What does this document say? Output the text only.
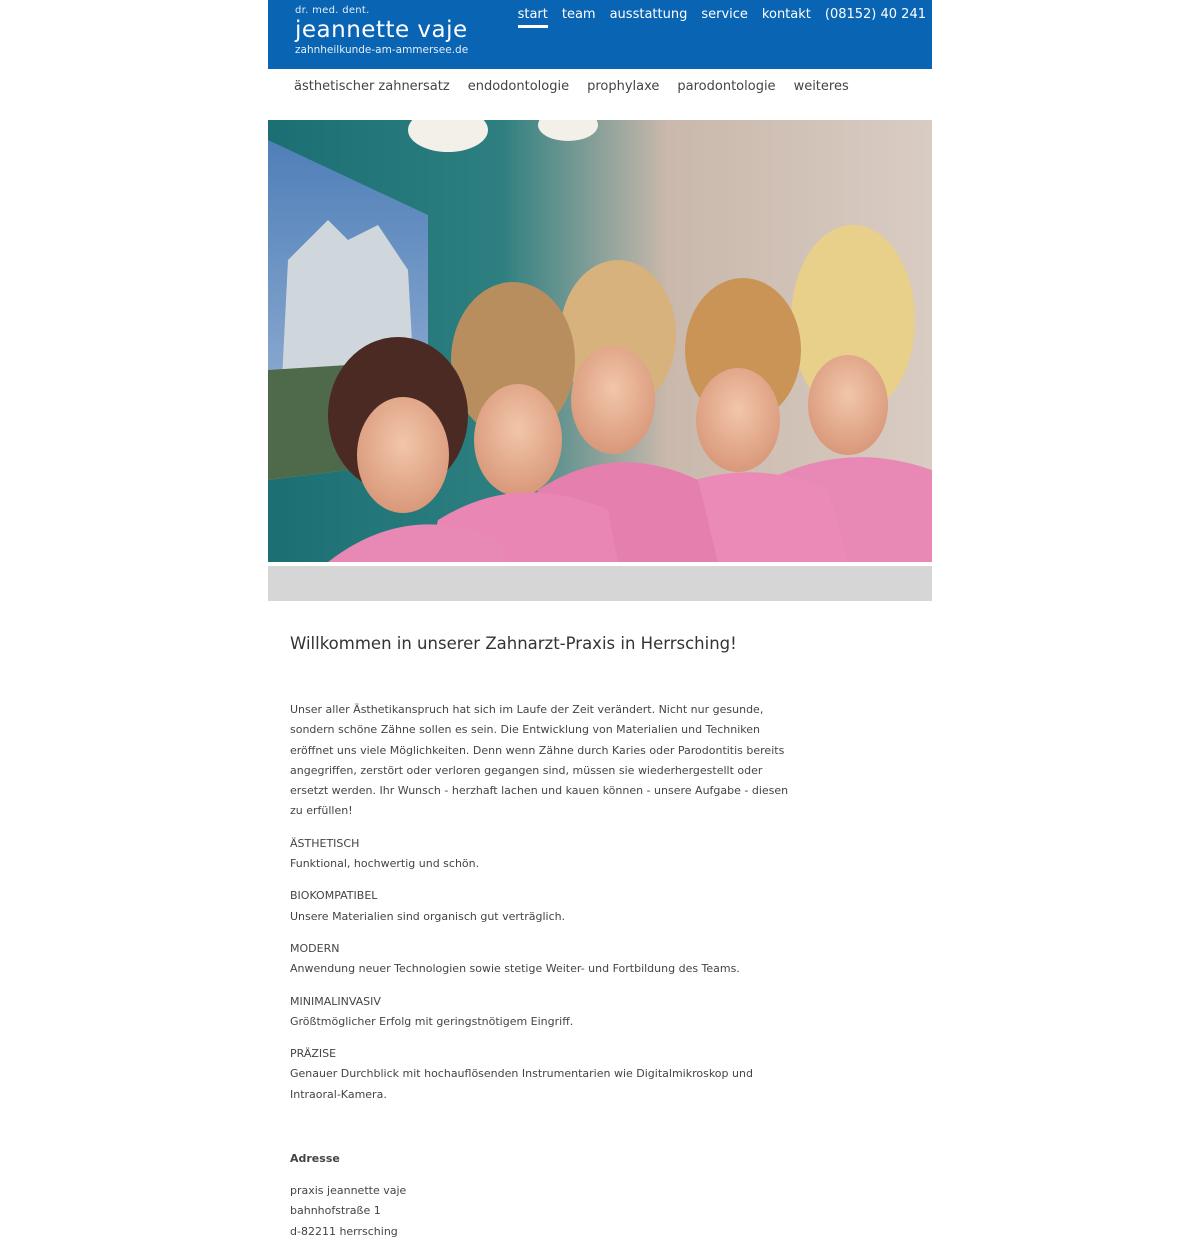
dr. med. dent.
jeannette vaje
zahnheilkunde-am-ammersee.de
start team ausstattung service kontakt (08152) 40 241
ästhetischer zahnersatz endodontologie prophylaxe parodontologie weiteres
Willkommen in unserer Zahnarzt-Praxis in Herrsching!

Unser aller Ästhetikanspruch hat sich im Laufe der Zeit verändert. Nicht nur gesunde, sondern schöne Zähne sollen es sein. Die Entwicklung von Materialien und Techniken eröffnet uns viele Möglichkeiten. Denn wenn Zähne durch Karies oder Parodontitis bereits angegriffen, zerstört oder verloren gegangen sind, müssen sie wiederhergestellt oder ersetzt werden. Ihr Wunsch - herzhaft lachen und kauen können - unsere Aufgabe - diesen zu erfüllen!

ÄSTHETISCH
Funktional, hochwertig und schön.
BIOKOMPATIBEL
Unsere Materialien sind organisch gut verträglich.
MODERN
Anwendung neuer Technologien sowie stetige Weiter- und Fortbildung des Teams.
MINIMALINVASIV
Größtmöglicher Erfolg mit geringstnötigem Eingriff.
PRÄZISE
Genauer Durchblick mit hochauflösenden Instrumentarien wie Digitalmikroskop und Intraoral-Kamera.
Adresse
praxis jeannette vaje
bahnhofstraße 1
d-82211 herrsching
